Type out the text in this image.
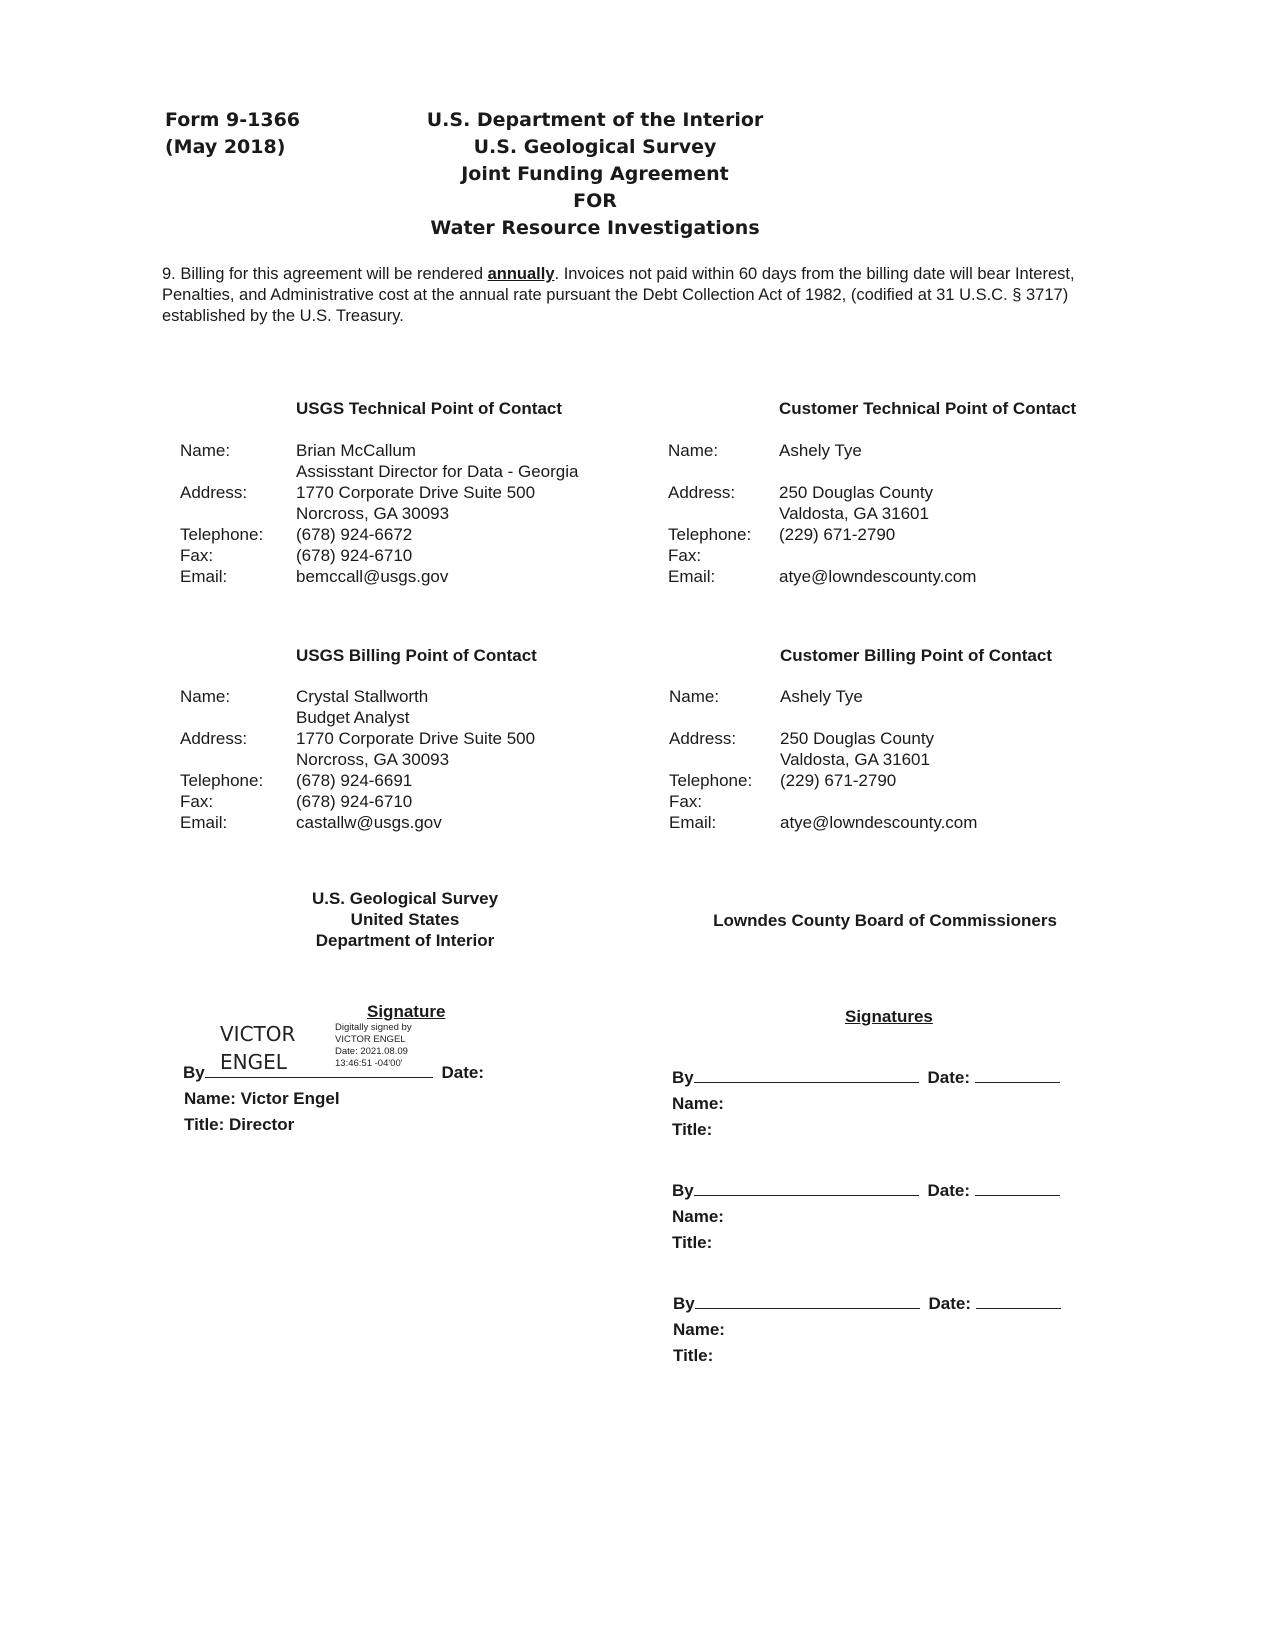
Form 9-1366
(May 2018)
U.S. Department of the Interior
U.S. Geological Survey
Joint Funding Agreement
FOR
Water Resource Investigations
9. Billing for this agreement will be rendered annually. Invoices not paid within 60 days from the billing date will bear Interest, Penalties, and Administrative cost at the annual rate pursuant the Debt Collection Act of 1982, (codified at 31 U.S.C. § 3717) established by the U.S. Treasury.
USGS Technical Point of Contact
Name:	Brian McCallum
Assisstant Director for Data - Georgia
Address:	1770 Corporate Drive Suite 500
Norcross, GA 30093
Telephone: (678) 924-6672
Fax:	(678) 924-6710
Email:	bemccall@usgs.gov
Customer Technical Point of Contact
Name:	Ashely Tye
Address:	250 Douglas County
Valdosta, GA 31601
Telephone: (229) 671-2790
Fax:
Email:	atye@lowndescounty.com
USGS Billing Point of Contact
Name:	Crystal Stallworth
Budget Analyst
Address:	1770 Corporate Drive Suite 500
Norcross, GA 30093
Telephone: (678) 924-6691
Fax:	(678) 924-6710
Email:	castallw@usgs.gov
Customer Billing Point of Contact
Name:	Ashely Tye
Address:	250 Douglas County
Valdosta, GA 31601
Telephone: (229) 671-2790
Fax:
Email:	atye@lowndescounty.com
U.S. Geological Survey
United States
Department of Interior
Signature
VICTOR
ENGEL
Digitally signed by
VICTOR ENGEL
Date: 2021.08.09
13:46:51 -04'00'
By	Date:
Name: Victor Engel
Title: Director
Lowndes County Board of Commissioners
Signatures
By	Date:
Name:
Title:
By	Date:
Name:
Title:
By	Date:
Name:
Title:
